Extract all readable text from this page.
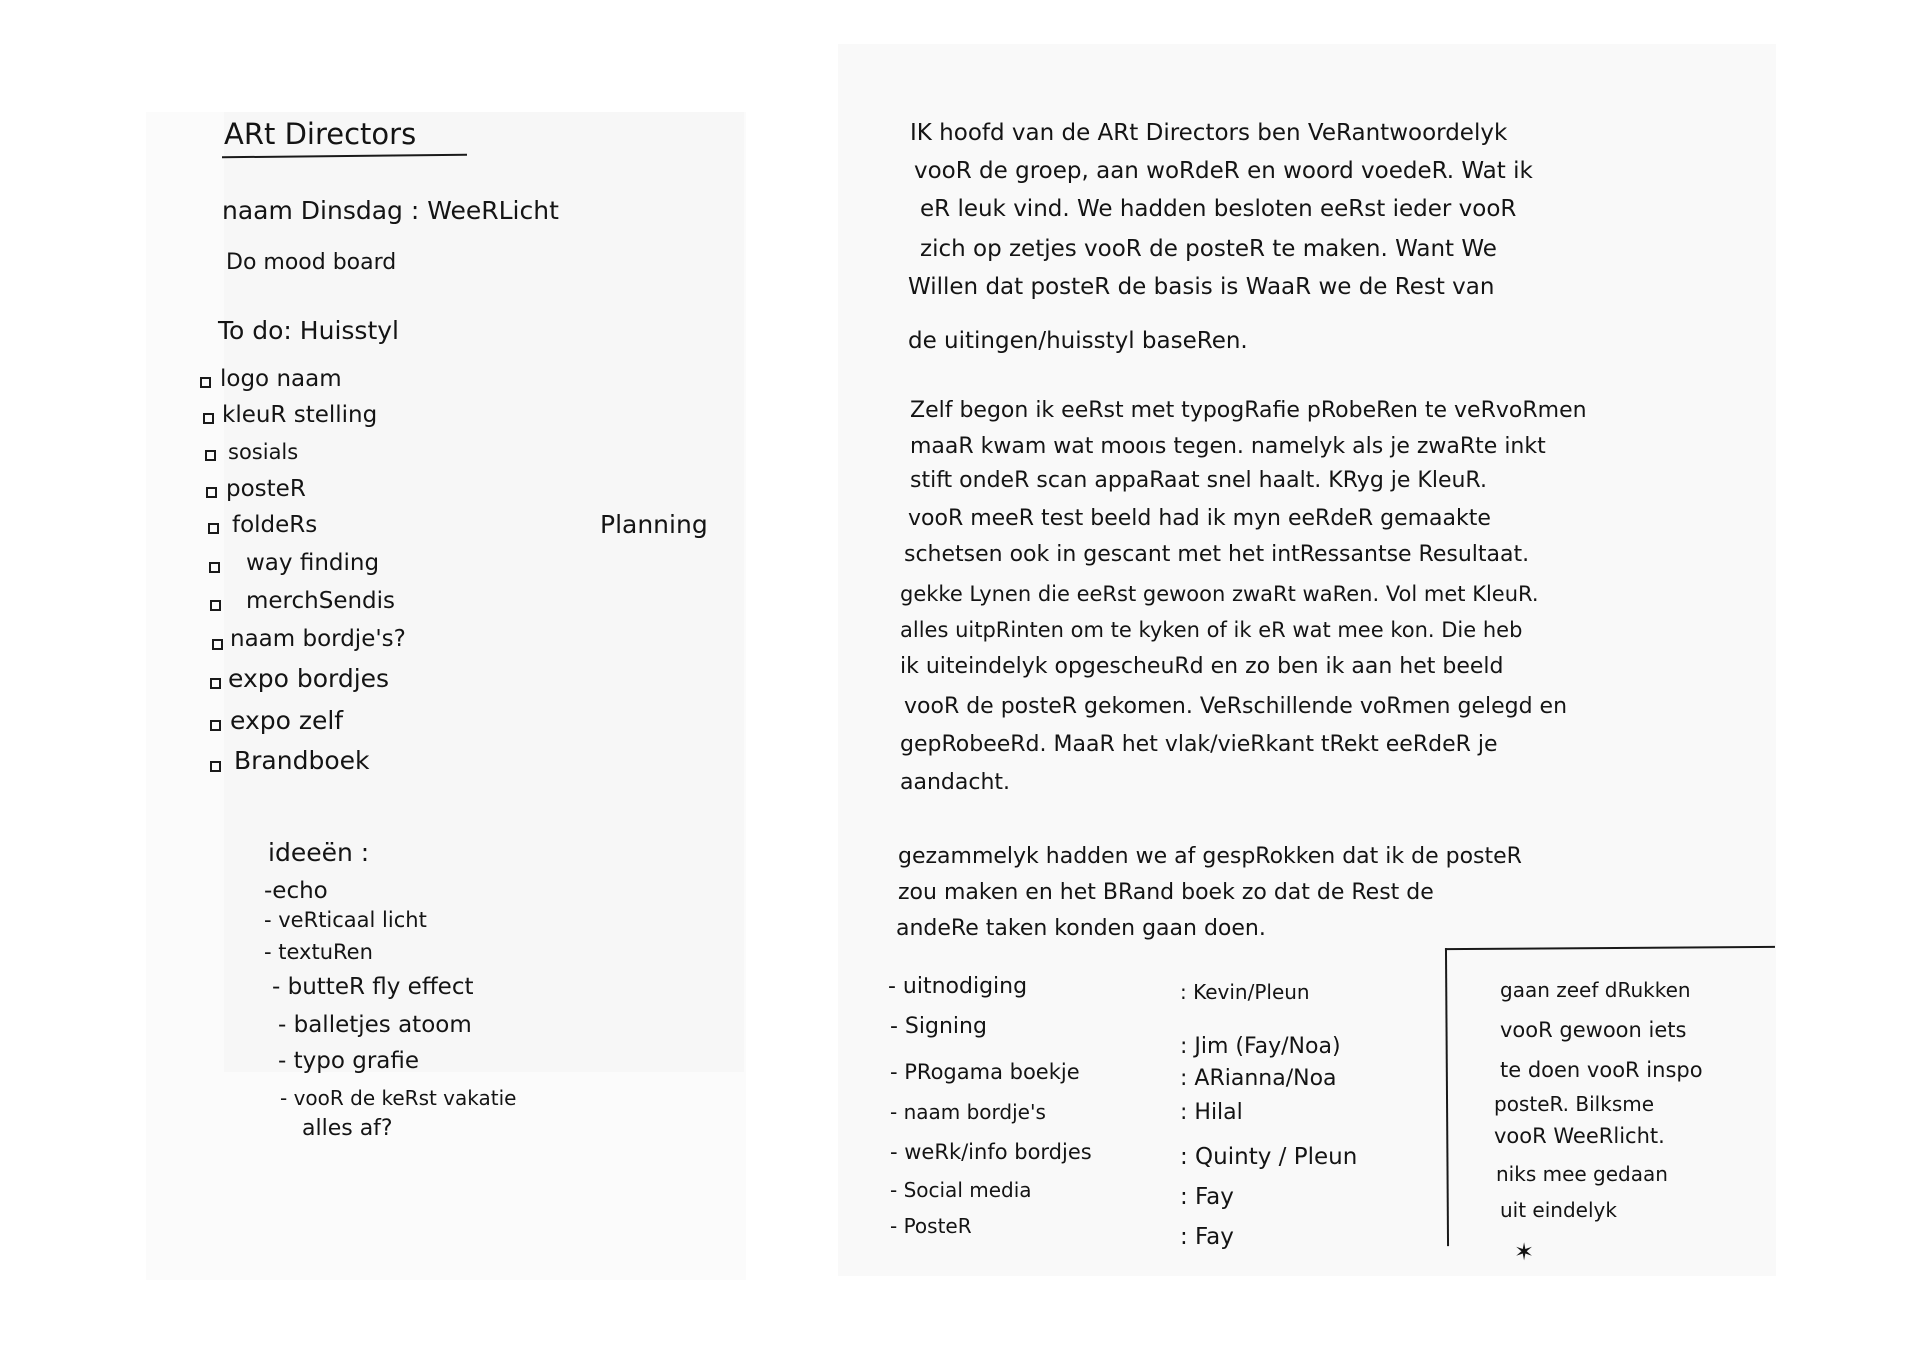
ARt Directors
naam Dinsdag : WeeRLicht
Do mood board
To do: Huisstyl
logo naam
kleuR stelling
sosials
posteR
foldeRs
way finding
merchSendis
naam bordje's?
expo bordjes
expo zelf
Brandboek
Planning
ideeën :
-echo
- veRticaal licht
- textuRen
- butteR fly effect
- balletjes atoom
- typo grafie
- vooR de keRst vakatie
alles af?
IK hoofd van de ARt Directors ben VeRantwoordelyk
vooR de groep, aan woRdeR en woord voedeR. Wat ik
eR leuk vind. We hadden besloten eeRst ieder vooR
zich op zetjes vooR de posteR te maken. Want We
Willen dat posteR de basis is WaaR we de Rest van
de uitingen/huisstyl baseRen.
Zelf begon ik eeRst met typogRafie pRobeRen te veRvoRmen
maaR kwam wat mooıs tegen. namelyk als je zwaRte inkt
stift ondeR scan appaRaat snel haalt. KRyg je KleuR.
vooR meeR test beeld had ik myn eeRdeR gemaakte
schetsen ook in gescant met het intRessantse Resultaat.
gekke Lynen die eeRst gewoon zwaRt waRen. Vol met KleuR.
alles uitpRinten om te kyken of ik eR wat mee kon. Die heb
ik uiteindelyk opgescheuRd en zo ben ik aan het beeld
vooR de posteR gekomen. VeRschillende voRmen gelegd en
gepRobeeRd. MaaR het vlak/vieRkant tRekt eeRdeR je
aandacht.
gezammelyk hadden we af gespRokken dat ik de posteR
zou maken en het BRand boek zo dat de Rest de
andeRe taken konden gaan doen.
- uitnodiging	: Kevin/Pleun
- Signing
: Jim (Fay/Noa)
- PRogama boekje	: ARianna/Noa
- naam bordje's	: Hilal
- weRk/info bordjes	: Quinty / Pleun
- Social media	: Fay
- PosteR	: Fay
gaan zeef dRukken
vooR gewoon iets
te doen vooR inspo
posteR. Bilksme
vooR WeeRlicht.
niks mee gedaan
uit eindelyk
✶
